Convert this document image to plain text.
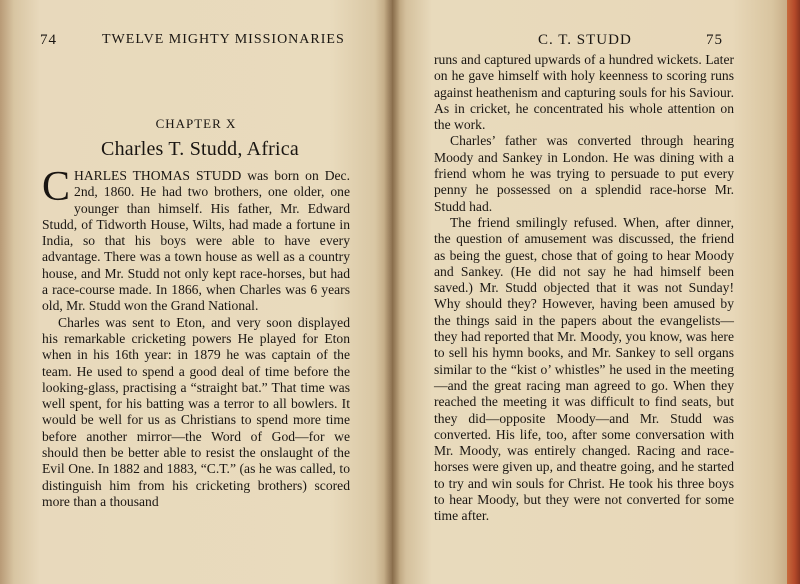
74	TWELVE MIGHTY MISSIONARIES
CHAPTER X
Charles T. Studd, Africa

CHARLES THOMAS STUDD was born on Dec. 2nd, 1860. He had two brothers, one older, one younger than himself. His father, Mr. Edward Studd, of Tidworth House, Wilts, had made a fortune in India, so that his boys were able to have every advantage. There was a town house as well as a country house, and Mr. Studd not only kept race-horses, but had a race-course made. In 1866, when Charles was 6 years old, Mr. Studd won the Grand National.

Charles was sent to Eton, and very soon displayed his remarkable cricketing powers He played for Eton when in his 16th year: in 1879 he was captain of the team. He used to spend a good deal of time before the looking-glass, practising a “straight bat.” That time was well spent, for his batting was a terror to all bowlers. It would be well for us as Christians to spend more time before another mirror—the Word of God—for we should then be better able to resist the onslaught of the Evil One. In 1882 and 1883, “C.T.” (as he was called, to distinguish him from his cricketing brothers) scored more than a thousand

C. T. STUDD	75

runs and captured upwards of a hundred wickets. Later on he gave himself with holy keenness to scoring runs against heathenism and capturing souls for his Saviour. As in cricket, he concentrated his whole attention on the work.

Charles’ father was converted through hearing Moody and Sankey in London. He was dining with a friend whom he was trying to persuade to put every penny he possessed on a splendid race-horse Mr. Studd had.

The friend smilingly refused. When, after dinner, the question of amusement was discussed, the friend as being the guest, chose that of going to hear Moody and Sankey. (He did not say he had himself been saved.) Mr. Studd objected that it was not Sunday! Why should they? However, having been amused by the things said in the papers about the evangelists—they had reported that Mr. Moody, you know, was here to sell his hymn books, and Mr. Sankey to sell organs similar to the “kist o’ whistles” he used in the meeting —and the great racing man agreed to go. When they reached the meeting it was difficult to find seats, but they did—opposite Moody—and Mr. Studd was converted. His life, too, after some conversation with Mr. Moody, was entirely changed. Racing and race-horses were given up, and theatre going, and he started to try and win souls for Christ. He took his three boys to hear Moody, but they were not converted for some time after.
